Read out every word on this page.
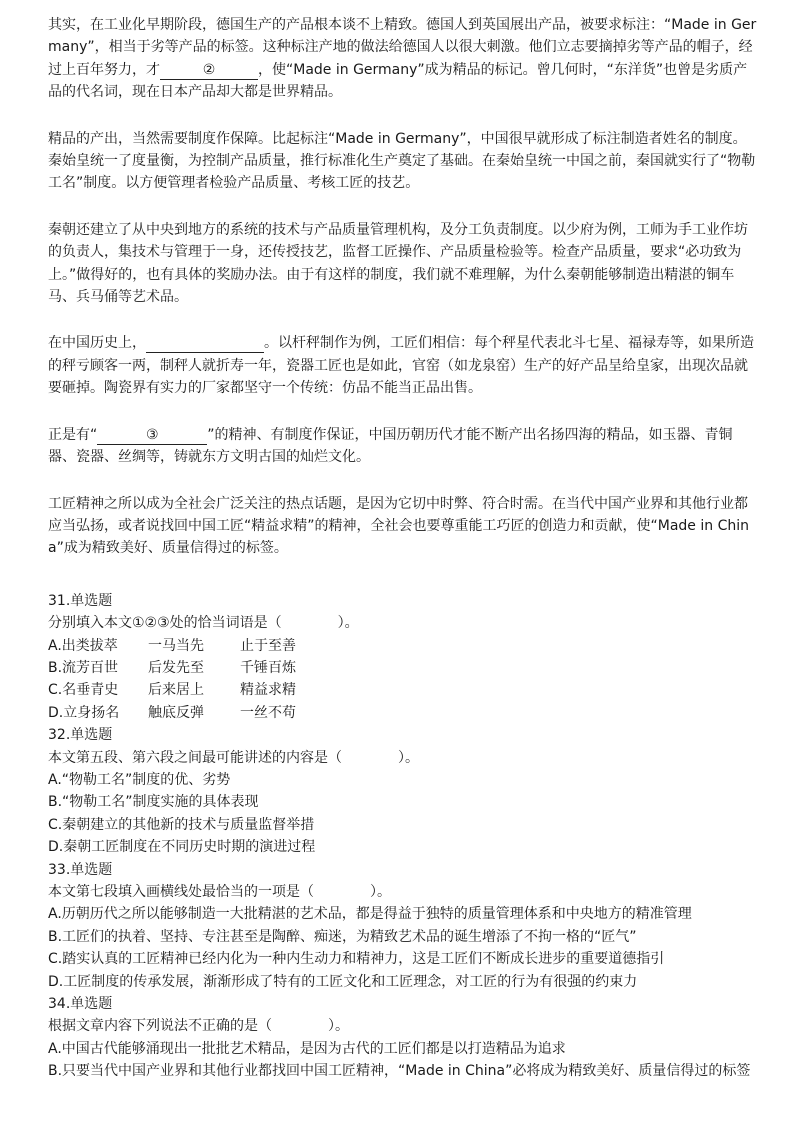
其实，在工业化早期阶段，德国生产的产品根本谈不上精致。德国人到英国展出产品，被要求标注：“Made in Germany”，相当于劣等产品的标签。这种标注产地的做法给德国人以很大刺激。他们立志要摘掉劣等产品的帽子，经过上百年努力，才	②	，使“Made in Germany”成为精品的标记。曾几何时，“东洋货”也曾是劣质产品的代名词，现在日本产品却大都是世界精品。

精品的产出，当然需要制度作保障。比起标注“Made in Germany”，中国很早就形成了标注制造者姓名的制度。秦始皇统一了度量衡，为控制产品质量，推行标准化生产奠定了基础。在秦始皇统一中国之前，秦国就实行了“物勒工名”制度。以方便管理者检验产品质量、考核工匠的技艺。

秦朝还建立了从中央到地方的系统的技术与产品质量管理机构，及分工负责制度。以少府为例，工师为手工业作坊的负责人，集技术与管理于一身，还传授技艺，监督工匠操作、产品质量检验等。检查产品质量，要求“必功致为上。”做得好的，也有具体的奖励办法。由于有这样的制度，我们就不难理解，为什么秦朝能够制造出精湛的铜车马、兵马俑等艺术品。

在中国历史上，	。以杆秤制作为例，工匠们相信：每个秤星代表北斗七星、福禄寿等，如果所造的秤亏顾客一两，制秤人就折寿一年，瓷器工匠也是如此，官窑（如龙泉窑）生产的好产品呈给皇家，出现次品就要砸掉。陶瓷界有实力的厂家都坚守一个传统：仿品不能当正品出售。

正是有“	③	”的精神、有制度作保证，中国历朝历代才能不断产出名扬四海的精品，如玉器、青铜器、瓷器、丝绸等，铸就东方文明古国的灿烂文化。

工匠精神之所以成为全社会广泛关注的热点话题，是因为它切中时弊、符合时需。在当代中国产业界和其他行业都应当弘扬，或者说找回中国工匠“精益求精”的精神，全社会也要尊重能工巧匠的创造力和贡献，使“Made in China”成为精致美好、质量信得过的标签。

31.单选题

分别填入本文①②③处的恰当词语是（	）。

A.出类拔萃 一马当先	止于至善

B.流芳百世 后发先至	千锤百炼

C.名垂青史 后来居上	精益求精

D.立身扬名 触底反弹	一丝不苟

32.单选题

本文第五段、第六段之间最可能讲述的内容是（	）。

A.“物勒工名”制度的优、劣势

B.“物勒工名”制度实施的具体表现

C.秦朝建立的其他新的技术与质量监督举措

D.秦朝工匠制度在不同历史时期的演进过程

33.单选题

本文第七段填入画横线处最恰当的一项是（	）。

A.历朝历代之所以能够制造一大批精湛的艺术品，都是得益于独特的质量管理体系和中央地方的精准管理

B.工匠们的执着、坚持、专注甚至是陶醉、痴迷，为精致艺术品的诞生增添了不拘一格的“匠气”

C.踏实认真的工匠精神已经内化为一种内生动力和精神力，这是工匠们不断成长进步的重要道德指引

D.工匠制度的传承发展，渐渐形成了特有的工匠文化和工匠理念，对工匠的行为有很强的约束力

34.单选题

根据文章内容下列说法不正确的是（	）。

A.中国古代能够涌现出一批批艺术精品，是因为古代的工匠们都是以打造精品为追求

B.只要当代中国产业界和其他行业都找回中国工匠精神，“Made in China”必将成为精致美好、质量信得过的标签
